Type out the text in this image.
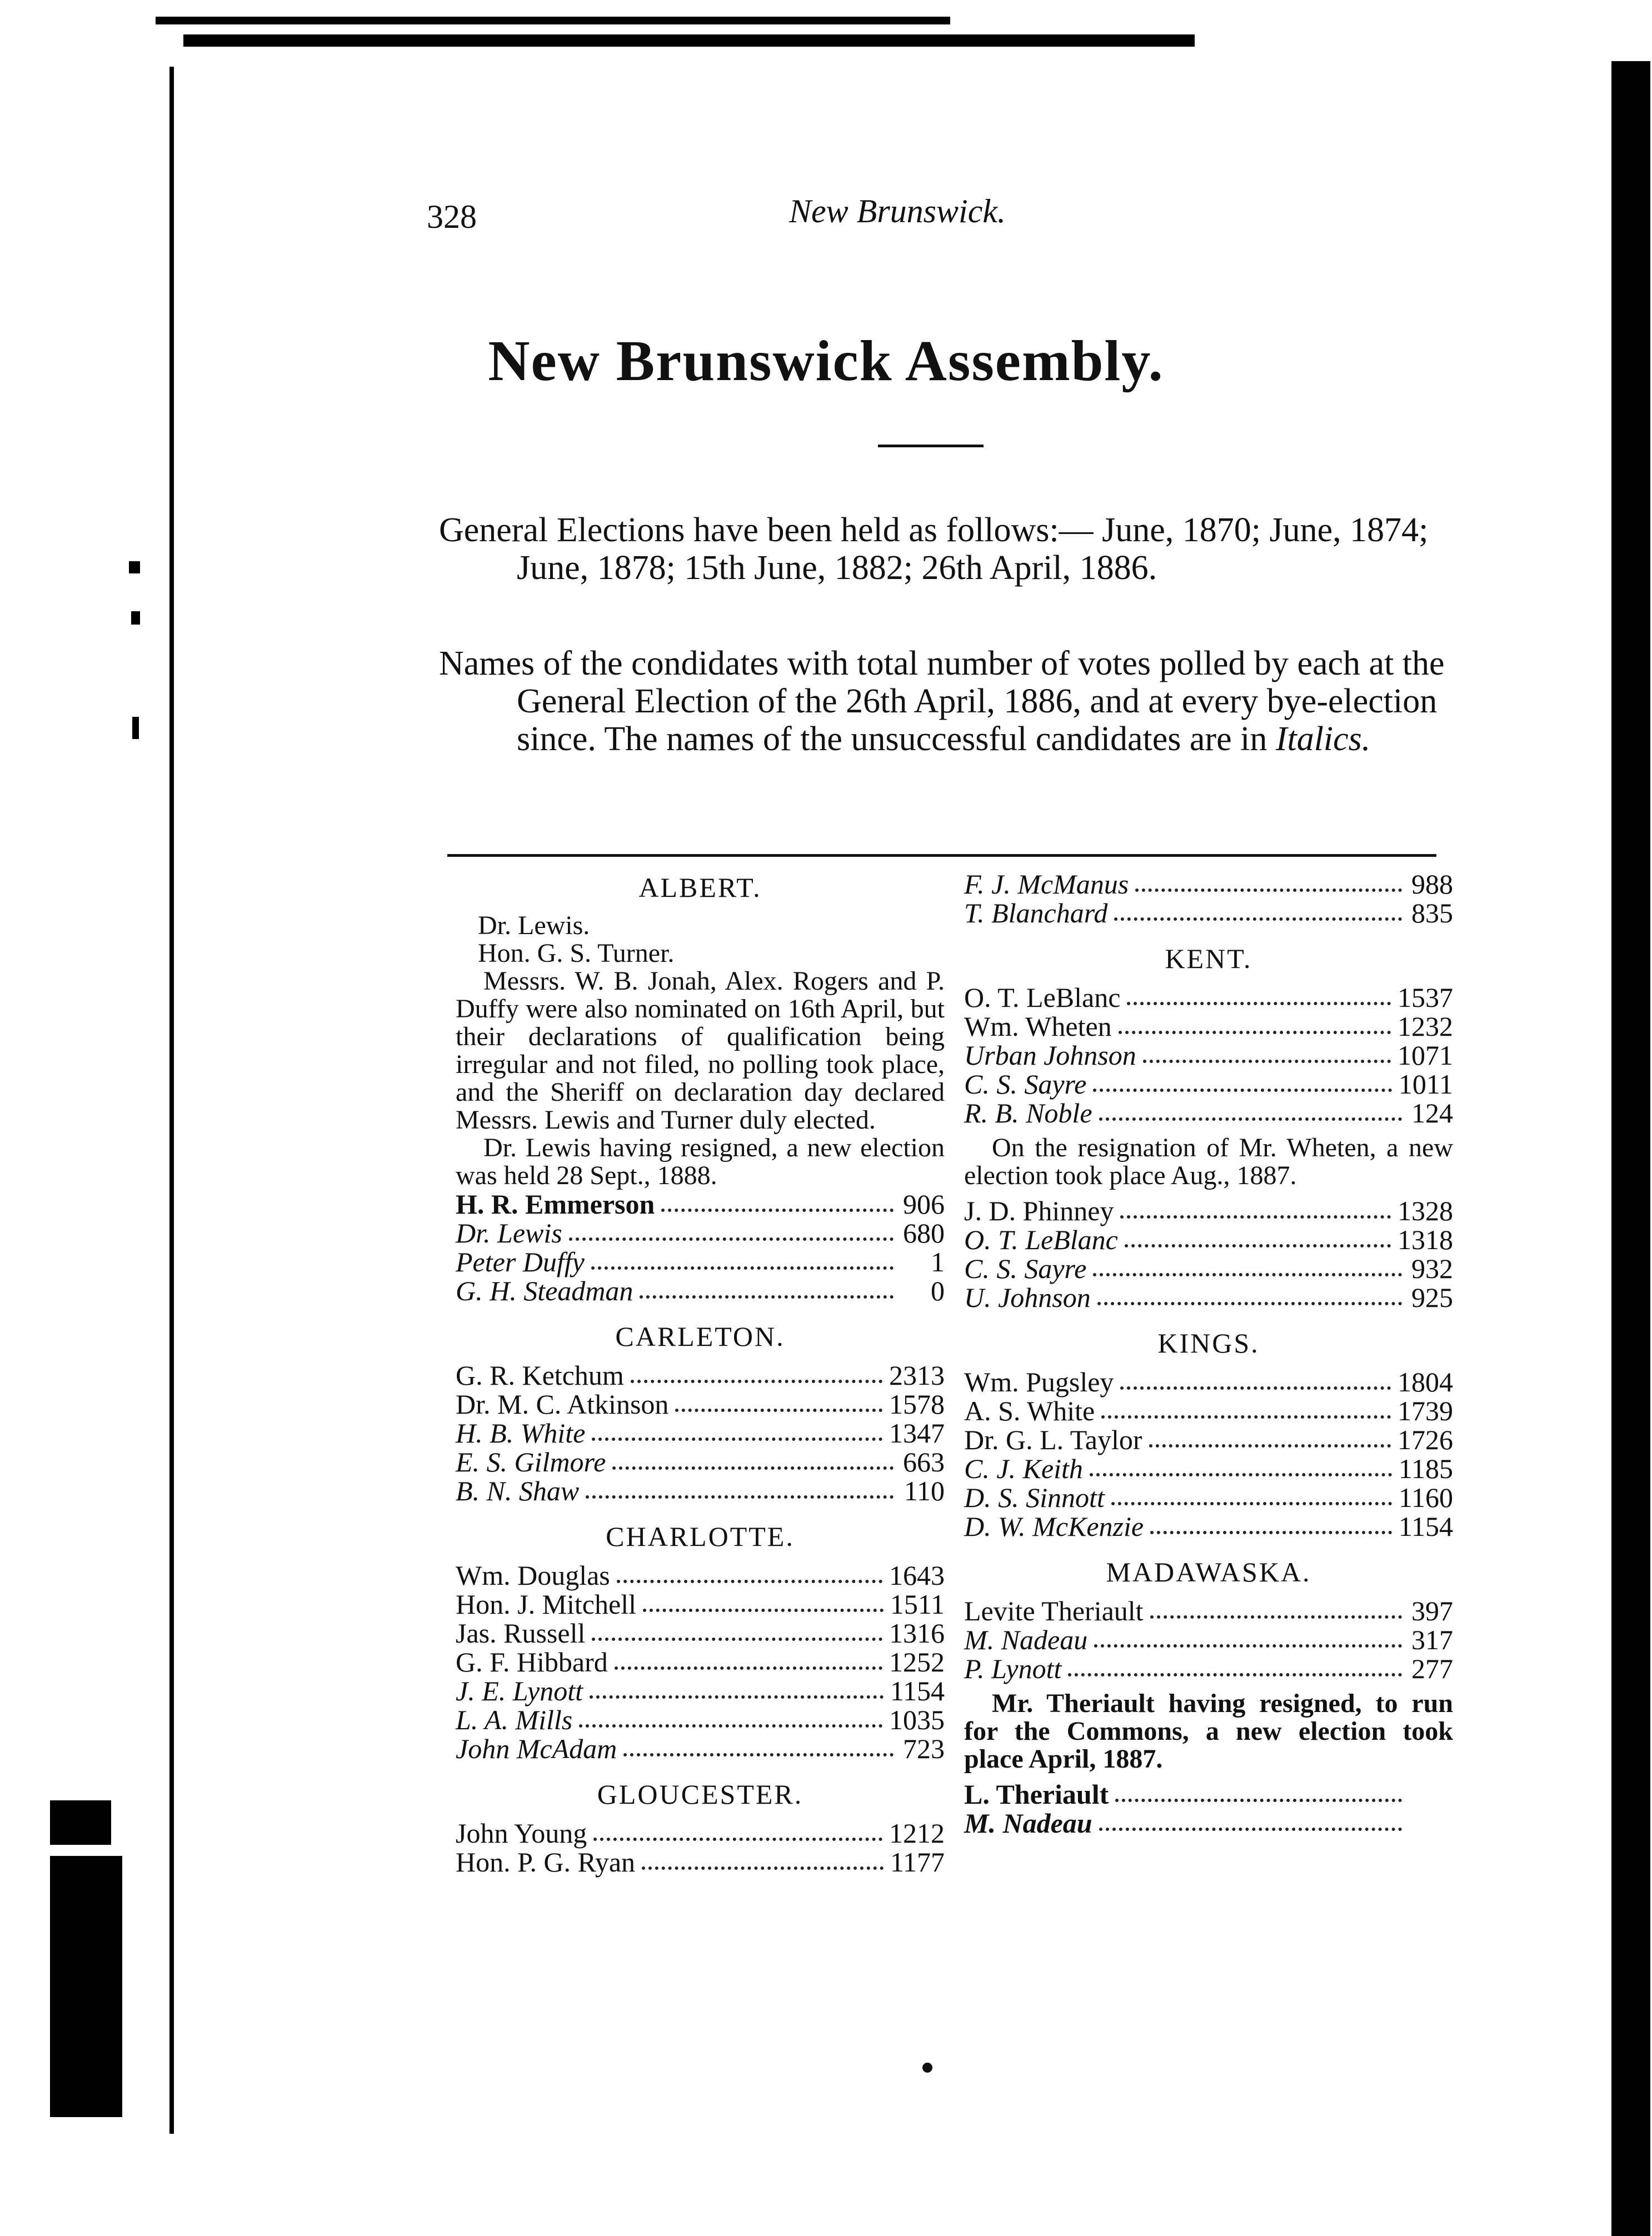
328	New Brunswick.
New Brunswick Assembly.
General Elections have been held as follows:— June, 1870; June, 1874; June, 1878; 15th June, 1882; 26th April, 1886.
Names of the condidates with total number of votes polled by each at the General Election of the 26th April, 1886, and at every bye-election since. The names of the unsuccessful candidates are in Italics.
ALBERT.
Dr. Lewis.
Hon. G. S. Turner.
Messrs. W. B. Jonah, Alex. Rogers and P. Duffy were also nominated on 16th April, but their declarations of qualification being irregular and not filed, no polling took place, and the Sheriff on declaration day declared Messrs. Lewis and Turner duly elected.
Dr. Lewis having resigned, a new election was held 28 Sept., 1888.
H. R. Emmerson	906
Dr. Lewis	680
Peter Duffy	1
G. H. Steadman	0
CARLETON.
G. R. Ketchum	2313
Dr. M. C. Atkinson	1578
H. B. White	1347
E. S. Gilmore	663
B. N. Shaw	110
CHARLOTTE.
Wm. Douglas	1643
Hon. J. Mitchell	1511
Jas. Russell	1316
G. F. Hibbard	1252
J. E. Lynott	1154
L. A. Mills	1035
John McAdam	723
GLOUCESTER.
John Young	1212
Hon. P. G. Ryan	1177
F. J. McManus	988
T. Blanchard	835
KENT.
O. T. LeBlanc	1537
Wm. Wheten	1232
Urban Johnson	1071
C. S. Sayre	1011
R. B. Noble	124
On the resignation of Mr. Wheten, a new election took place Aug., 1887.
J. D. Phinney	1328
O. T. LeBlanc	1318
C. S. Sayre	932
U. Johnson	925
KINGS.
Wm. Pugsley	1804
A. S. White	1739
Dr. G. L. Taylor	1726
C. J. Keith	1185
D. S. Sinnott	1160
D. W. McKenzie	1154
MADAWASKA.
Levite Theriault	397
M. Nadeau	317
P. Lynott	277
Mr. Theriault having resigned, to run for the Commons, a new election took place April, 1887.
L. Theriault
M. Nadeau
